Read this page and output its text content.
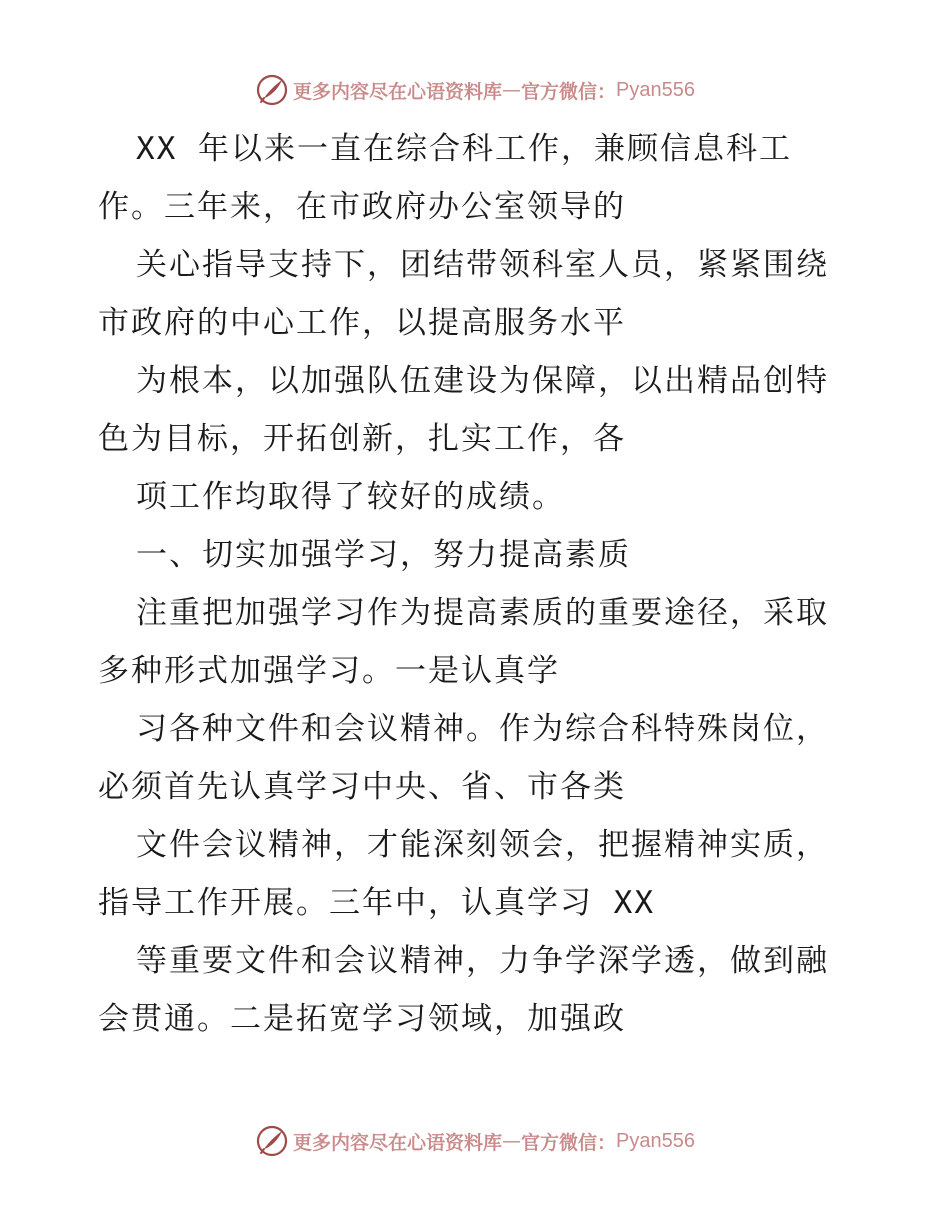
更多内容尽在心语资料库 — 官方微信： Pyan556
XX 年以来一直在综合科工作，兼顾信息科工
作。三年来，在市政府办公室领导的
关心指导支持下，团结带领科室人员，紧紧围绕
市政府的中心工作，以提高服务水平
为根本，以加强队伍建设为保障，以出精品创特
色为目标，开拓创新，扎实工作，各
项工作均取得了较好的成绩。
一、切实加强学习，努力提高素质
注重把加强学习作为提高素质的重要途径，采取
多种形式加强学习。一是认真学
习各种文件和会议精神。作为综合科特殊岗位，
必须首先认真学习中央、省、市各类
文件会议精神，才能深刻领会，把握精神实质，
指导工作开展。三年中，认真学习 XX
等重要文件和会议精神，力争学深学透，做到融
会贯通。二是拓宽学习领域，加强政
更多内容尽在心语资料库 — 官方微信： Pyan556
